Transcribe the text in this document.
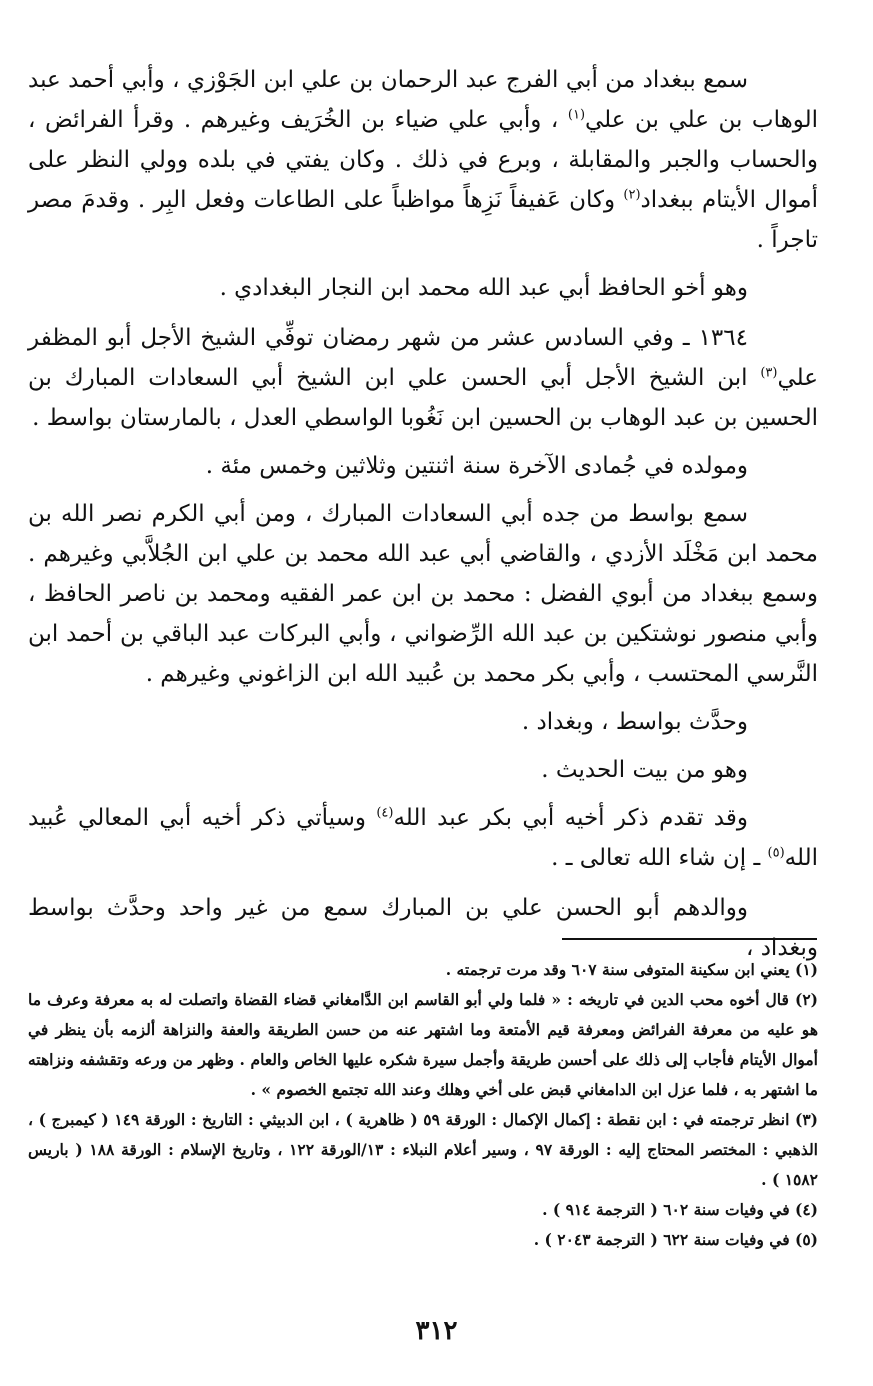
سمع ببغداد من أبي الفرج عبد الرحمان بن علي ابن الجَوْزي ، وأبي أحمد عبد الوهاب بن علي بن علي$^{(١)}$ ، وأبي علي ضياء بن الخُرَيف وغيرهم . وقرأ الفرائض ، والحساب والجبر والمقابلة ، وبرع في ذلك . وكان يفتي في بلده وولي النظر على أموال الأيتام ببغداد$^{(٢)}$ وكان عَفيفاً نَزِهاً مواظباً على الطاعات وفعل البِر . وقدمَ مصر تاجراً .

وهو أخو الحافظ أبي عبد الله محمد ابن النجار البغدادي .

١٣٦٤ ـ وفي السادس عشر من شهر رمضان توفِّي الشيخ الأجل أبو المظفر علي$^{(٣)}$ ابن الشيخ الأجل أبي الحسن علي ابن الشيخ أبي السعادات المبارك بن الحسين بن عبد الوهاب بن الحسين ابن نَغُوبا الواسطي العدل ، بالمارستان بواسط .

ومولده في جُمادى الآخرة سنة اثنتين وثلاثين وخمس مئة .

سمع بواسط من جده أبي السعادات المبارك ، ومن أبي الكرم نصر الله بن محمد ابن مَخْلَد الأزدي ، والقاضي أبي عبد الله محمد بن علي ابن الجُلاَّبي وغيرهم . وسمع ببغداد من أبوي الفضل : محمد بن ابن عمر الفقيه ومحمد بن ناصر الحافظ ، وأبي منصور نوشتكين بن عبد الله الرِّضواني ، وأبي البركات عبد الباقي بن أحمد ابن النَّرسي المحتسب ، وأبي بكر محمد بن عُبيد الله ابن الزاغوني وغيرهم .

وحدَّث بواسط ، وبغداد .

وهو من بيت الحديث .

وقد تقدم ذكر أخيه أبي بكر عبد الله$^{(٤)}$ وسيأتي ذكر أخيه أبي المعالي عُبيد الله$^{(٥)}$ ـ إن شاء الله تعالى ـ .

ووالدهم أبو الحسن علي بن المبارك سمع من غير واحد وحدَّث بواسط وبغداد ،

(١) يعني ابن سكينة المتوفى سنة ٦٠٧ وقد مرت ترجمته .

(٢) قال أخوه محب الدين في تاريخه : « فلما ولي أبو القاسم ابن الدَّامغاني قضاء القضاة واتصلت له به معرفة وعرف ما هو عليه من معرفة الفرائض ومعرفة قيم الأمتعة وما اشتهر عنه من حسن الطريقة والعفة والنزاهة ألزمه بأن ينظر في أموال الأيتام فأجاب إلى ذلك على أحسن طريقة وأجمل سيرة شكره عليها الخاص والعام . وظهر من ورعه وتقشفه ونزاهته ما اشتهر به ، فلما عزل ابن الدامغاني قبض على أخي وهلك وعند الله تجتمع الخصوم » .

(٣) انظر ترجمته في : ابن نقطة : إكمال الإكمال : الورقة ٥٩ ( ظاهرية ) ، ابن الدبيثي : التاريخ : الورقة ١٤٩ ( كيمبرج ) ، الذهبي : المختصر المحتاج إليه : الورقة ٩٧ ، وسير أعلام النبلاء : ١٣/الورقة ١٢٢ ، وتاريخ الإسلام : الورقة ١٨٨ ( باريس ١٥٨٢ ) .

(٤) في وفيات سنة ٦٠٢ ( الترجمة ٩١٤ ) .

(٥) في وفيات سنة ٦٢٢ ( الترجمة ٢٠٤٣ ) .

٣١٢
